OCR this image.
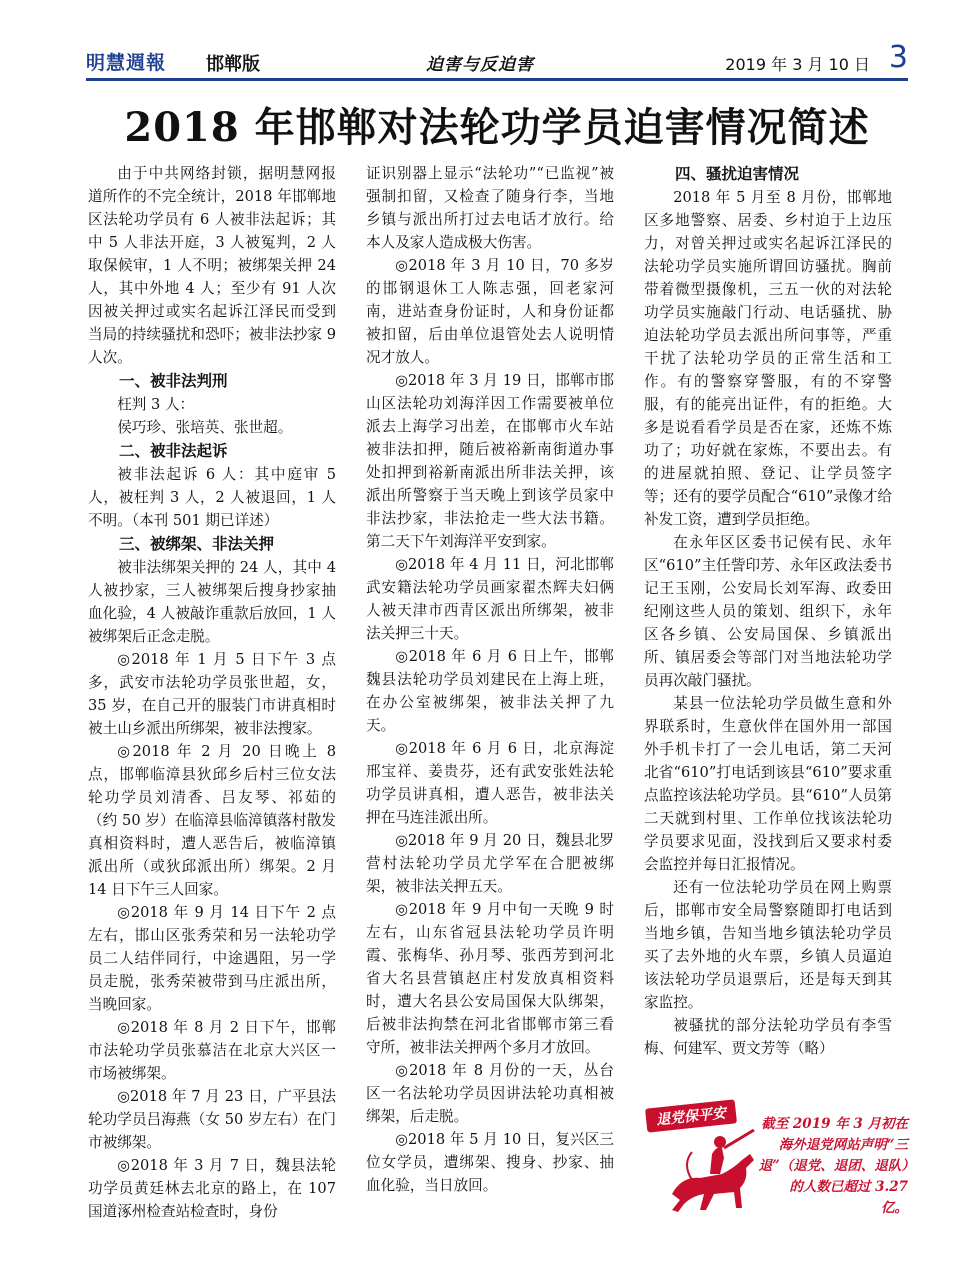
明慧週報 邯郸版	迫害与反迫害	2019 年 3 月 10 日 3
2018 年邯郸对法轮功学员迫害情况简述

由于中共网络封锁，据明慧网报道所作的不完全统计，2018 年邯郸地区法轮功学员有 6 人被非法起诉；其中 5 人非法开庭，3 人被冤判，2 人取保候审，1 人不明；被绑架关押 24 人，其中外地 4 人；至少有 91 人次因被关押过或实名起诉江泽民而受到当局的持续骚扰和恐吓；被非法抄家 9 人次。

一、被非法判刑

枉判 3 人：

侯巧珍、张培英、张世超。

二、被非法起诉

被非法起诉 6 人：其中庭审 5 人，被枉判 3 人，2 人被退回，1 人不明。（本刊 501 期已详述）

三、被绑架、非法关押

被非法绑架关押的 24 人，其中 4 人被抄家，三人被绑架后搜身抄家抽血化验，4 人被敲诈重款后放回，1 人被绑架后正念走脱。

◎2018 年 1 月 5 日下午 3 点多，武安市法轮功学员张世超，女，35 岁，在自己开的服装门市讲真相时被土山乡派出所绑架，被非法搜家。

◎2018 年 2 月 20 日晚上 8 点，邯郸临漳县狄邱乡后村三位女法轮功学员刘清香、吕友琴、祁茹的（约 50 岁）在临漳县临漳镇落村散发真相资料时，遭人恶告后，被临漳镇派出所（或狄邱派出所）绑架。2 月 14 日下午三人回家。

◎2018 年 9 月 14 日下午 2 点左右，邯山区张秀荣和另一法轮功学员二人结伴同行，中途遇阻，另一学员走脱，张秀荣被带到马庄派出所，当晚回家。

◎2018 年 8 月 2 日下午，邯郸市法轮功学员张慕洁在北京大兴区一市场被绑架。

◎2018 年 7 月 23 日，广平县法轮功学员吕海燕（女 50 岁左右）在门市被绑架。

◎2018 年 3 月 7 日，魏县法轮功学员黄廷林去北京的路上，在 107 国道涿州检查站检查时，身份

证识别器上显示“法轮功”“已监视”被强制扣留，又检查了随身行李，当地乡镇与派出所打过去电话才放行。给本人及家人造成极大伤害。

◎2018 年 3 月 10 日，70 多岁的邯钢退休工人陈志强，回老家河南，进站查身份证时，人和身份证都被扣留，后由单位退管处去人说明情况才放人。

◎2018 年 3 月 19 日，邯郸市邯山区法轮功刘海洋因工作需要被单位派去上海学习出差，在邯郸市火车站被非法扣押，随后被裕新南街道办事处扣押到裕新南派出所非法关押，该派出所警察于当天晚上到该学员家中非法抄家，非法抢走一些大法书籍。第二天下午刘海洋平安到家。

◎2018 年 4 月 11 日，河北邯郸武安籍法轮功学员画家翟杰辉夫妇俩人被天津市西青区派出所绑架，被非法关押三十天。

◎2018 年 6 月 6 日上午，邯郸魏县法轮功学员刘建民在上海上班，在办公室被绑架，被非法关押了九天。

◎2018 年 6 月 6 日，北京海淀邢宝祥、姜贵芬，还有武安张姓法轮功学员讲真相，遭人恶告，被非法关押在马连洼派出所。

◎2018 年 9 月 20 日，魏县北罗营村法轮功学员尤学军在合肥被绑架，被非法关押五天。

◎2018 年 9 月中旬一天晚 9 时左右，山东省冠县法轮功学员许明霞、张梅华、孙月琴、张西芳到河北省大名县营镇赵庄村发放真相资料时，遭大名县公安局国保大队绑架，后被非法拘禁在河北省邯郸市第三看守所，被非法关押两个多月才放回。

◎2018 年 8 月份的一天，丛台区一名法轮功学员因讲法轮功真相被绑架，后走脱。

◎2018 年 5 月 10 日，复兴区三位女学员，遭绑架、搜身、抄家、抽血化验，当日放回。

四、骚扰迫害情况

2018 年 5 月至 8 月份，邯郸地区多地警察、居委、乡村迫于上边压力，对曾关押过或实名起诉江泽民的法轮功学员实施所谓回访骚扰。胸前带着微型摄像机，三五一伙的对法轮功学员实施敲门行动、电话骚扰、胁迫法轮功学员去派出所问事等，严重干扰了法轮功学员的正常生活和工作。有的警察穿警服，有的不穿警服，有的能亮出证件，有的拒绝。大多是说看看学员是否在家，还炼不炼功了；功好就在家炼，不要出去。有的进屋就拍照、登记、让学员签字等；还有的要学员配合“610”录像才给补发工资，遭到学员拒绝。

在永年区区委书记侯有民、永年区“610”主任訾印芳、永年区政法委书记王玉刚，公安局长刘军海、政委田纪刚这些人员的策划、组织下，永年区各乡镇、公安局国保、乡镇派出所、镇居委会等部门对当地法轮功学员再次敲门骚扰。

某县一位法轮功学员做生意和外界联系时，生意伙伴在国外用一部国外手机卡打了一会儿电话，第二天河北省“610”打电话到该县“610”要求重点监控该法轮功学员。县“610”人员第二天就到村里、工作单位找该法轮功学员要求见面，没找到后又要求村委会监控并每日汇报情况。

还有一位法轮功学员在网上购票后，邯郸市安全局警察随即打电话到当地乡镇，告知当地乡镇法轮功学员买了去外地的火车票，乡镇人员逼迫该法轮功学员退票后，还是每天到其家监控。

被骚扰的部分法轮功学员有李雪梅、何建军、贾文芳等（略）

退党保平安	截至 2019 年 3 月初在海外退党网站声明“三退”（退党、退团、退队）的人数已超过 3.27 亿。
